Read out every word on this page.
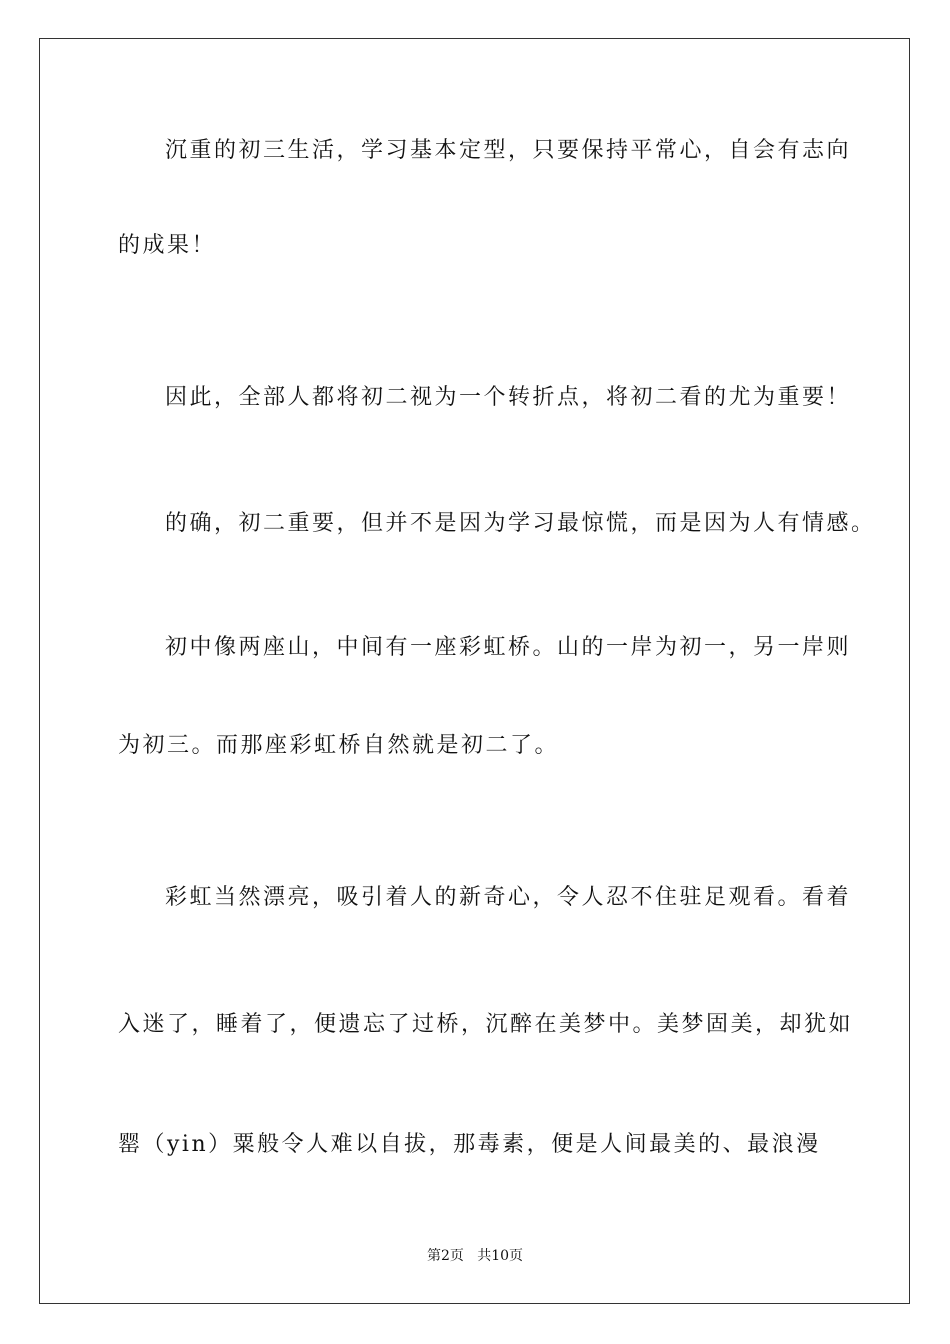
沉重的初三生活，学习基本定型，只要保持平常心，自会有志向
的成果！
因此，全部人都将初二视为一个转折点，将初二看的尤为重要！
的确，初二重要，但并不是因为学习最惊慌，而是因为人有情感。
初中像两座山，中间有一座彩虹桥。山的一岸为初一，另一岸则
为初三。而那座彩虹桥自然就是初二了。
彩虹当然漂亮，吸引着人的新奇心，令人忍不住驻足观看。看着
入迷了，睡着了，便遗忘了过桥，沉醉在美梦中。美梦固美，却犹如
罂（yin）粟般令人难以自拔，那毒素，便是人间最美的、最浪漫
第2页   共10页
